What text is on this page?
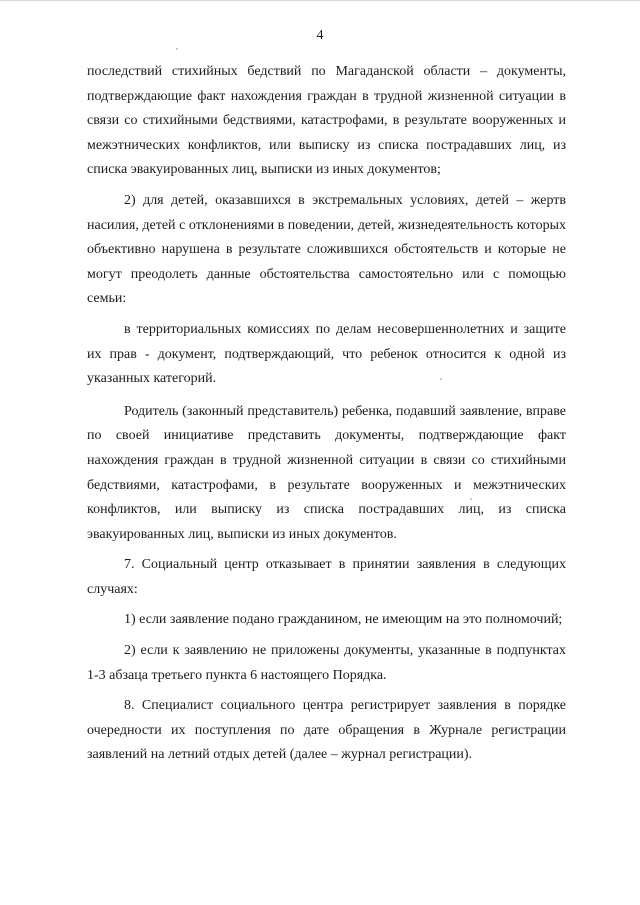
4

последствий стихийных бедствий по Магаданской области – документы, подтверждающие факт нахождения граждан в трудной жизненной ситуации в связи со стихийными бедствиями, катастрофами, в результате вооруженных и межэтнических конфликтов, или выписку из списка пострадавших лиц, из списка эвакуированных лиц, выписки из иных документов;

2) для детей, оказавшихся в экстремальных условиях, детей – жертв насилия, детей с отклонениями в поведении, детей, жизнедеятельность которых объективно нарушена в результате сложившихся обстоятельств и которые не могут преодолеть данные обстоятельства самостоятельно или с помощью семьи:

в территориальных комиссиях по делам несовершеннолетних и защите их прав - документ, подтверждающий, что ребенок относится к одной из указанных категорий.

Родитель (законный представитель) ребенка, подавший заявление, вправе по своей инициативе представить документы, подтверждающие факт нахождения граждан в трудной жизненной ситуации в связи со стихийными бедствиями, катастрофами, в результате вооруженных и межэтнических конфликтов, или выписку из списка пострадавших лиц, из списка эвакуированных лиц, выписки из иных документов.

7. Социальный центр отказывает в принятии заявления в следующих случаях:

1) если заявление подано гражданином, не имеющим на это полномочий;

2) если к заявлению не приложены документы, указанные в подпунктах 1-3 абзаца третьего пункта 6 настоящего Порядка.

8. Специалист социального центра регистрирует заявления в порядке очередности их поступления по дате обращения в Журнале регистрации заявлений на летний отдых детей (далее – журнал регистрации).
